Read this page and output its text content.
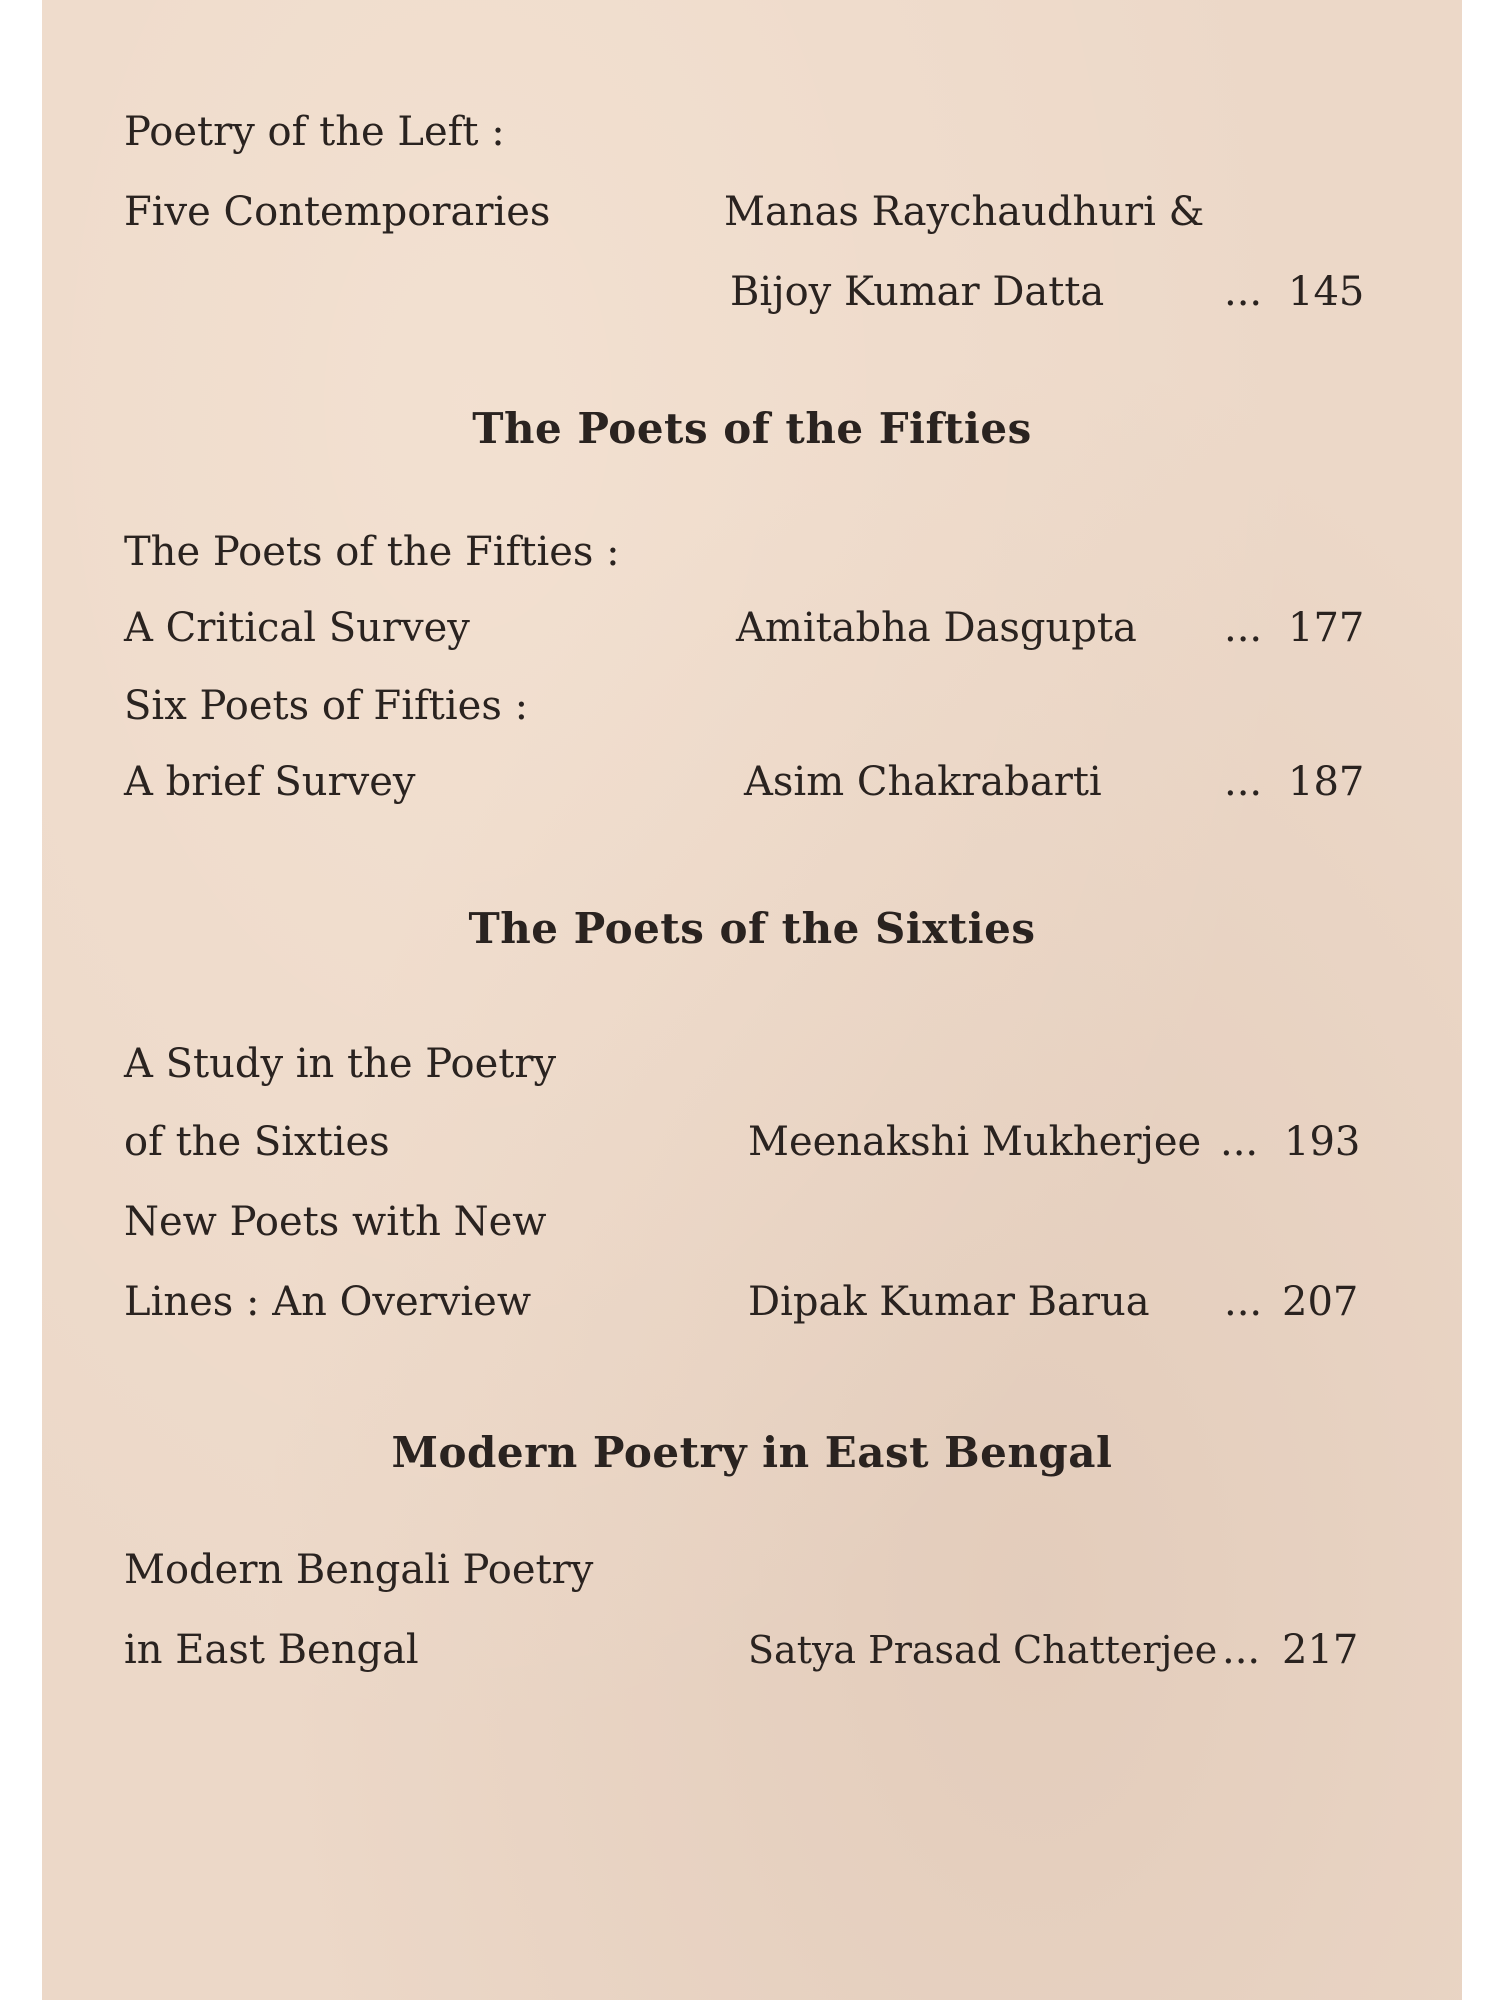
Poetry of the Left :
Five Contemporaries	Manas Raychaudhuri &
Bijoy Kumar Datta	... 145
The Poets of the Fifties
The Poets of the Fifties :
A Critical Survey	Amitabha Dasgupta ... 177
Six Poets of Fifties :
A brief Survey	Asim Chakrabarti	... 187
The Poets of the Sixties
A Study in the Poetry
of the Sixties	Meenakshi Mukherjee ... 193
New Poets with New
Lines : An Overview	Dipak Kumar Barua ... 207
Modern Poetry in East Bengal
Modern Bengali Poetry
in East Bengal	Satya Prasad Chatterjee ... 217
